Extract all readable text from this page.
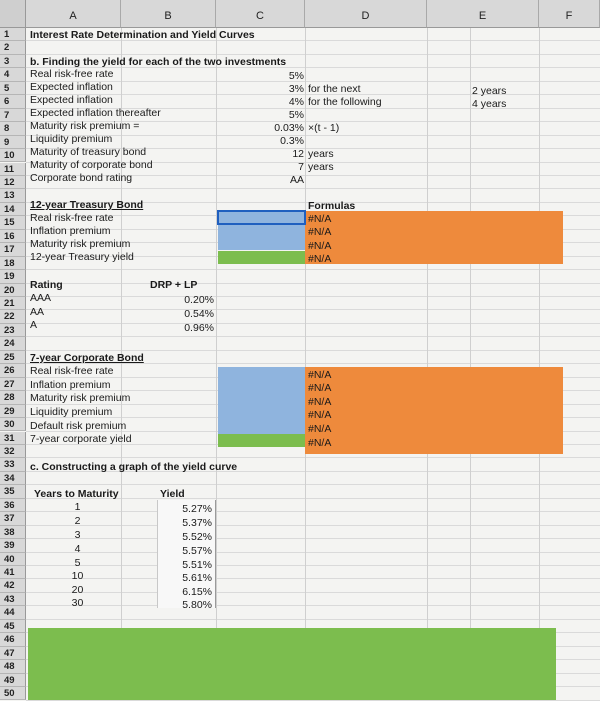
A	B	C	D	E	F
1
2
3
4
5
6
7
8
9
10
11
12
13
14
15
16
17
18
19
20
21
22
23
24
25
26
27
28
29
30
31
32
33
34
35
36
37
38
39
40
41
42
43
44
45
46
47
48
49
50
Interest Rate Determination and Yield Curves
b. Finding the yield for each of the two investments
Real risk-free rate	5%
Expected inflation	3% for the next	2 years
Expected inflation	4% for the following	4 years
Expected inflation thereafter	5%
Maturity risk premium =	0.03% ×(t - 1)
Liquidity premium	0.3%
Maturity of treasury bond	12 years
Maturity of corporate bond	7 years
Corporate bond rating	AA
12-year Treasury Bond	Formulas
Real risk-free rate	#N/A
Inflation premium	#N/A
Maturity risk premium	#N/A
12-year Treasury yield	#N/A
Rating	DRP + LP
AAA	0.20%
AA	0.54%
A	0.96%
7-year Corporate Bond
Real risk-free rate	#N/A
Inflation premium	#N/A
Maturity risk premium	#N/A
Liquidity premium	#N/A
Default risk premium	#N/A
7-year corporate yield	#N/A
c. Constructing a graph of the yield curve
Years to Maturity	Yield
1	5.27%
2	5.37%
3	5.52%
4	5.57%
5	5.51%
10	5.61%
20	6.15%
30	5.80%
